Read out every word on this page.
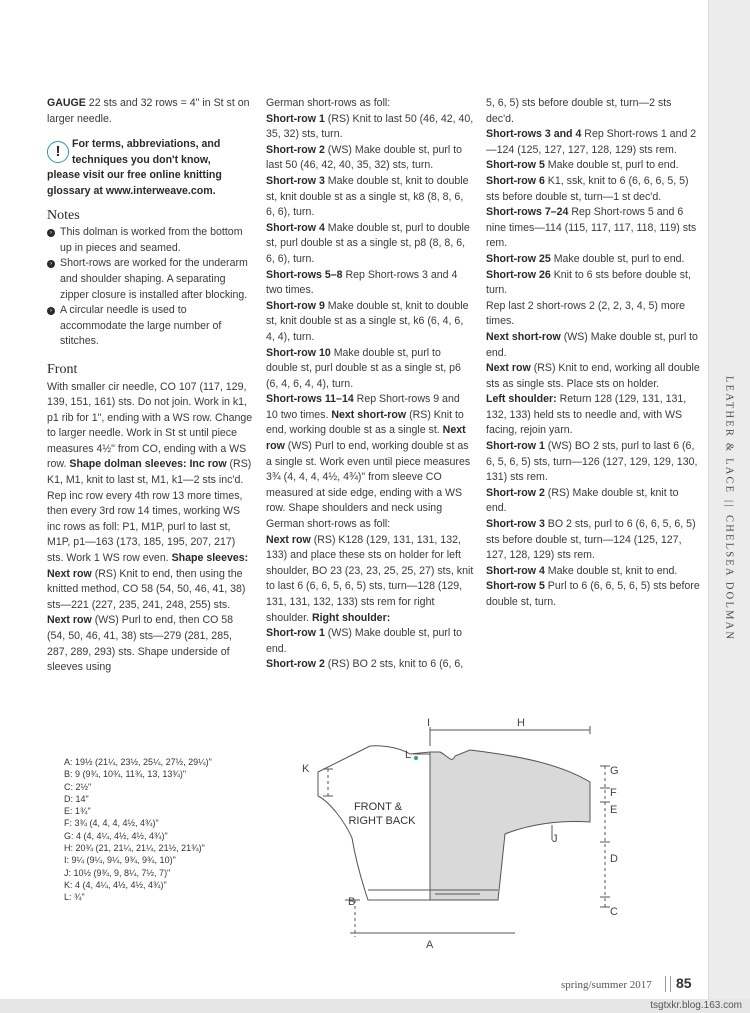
LEATHER & LACE
||
CHELSEA DOLMAN

GAUGE 22 sts and 32 rows = 4" in St st on larger needle.

!	For terms, abbreviations, and
techniques you don't know,
please visit our free online knitting glossary at www.interweave.com.
Notes
› This dolman is worked from the bottom up in pieces and seamed.
› Short-rows are worked for the underarm and shoulder shaping. A separating zipper closure is installed after blocking.
› A circular needle is used to accommodate the large number of stitches.
Front

With smaller cir needle, CO 107 (117, 129, 139, 151, 161) sts. Do not join. Work in k1, p1 rib for 1", ending with a WS row. Change to larger needle. Work in St st until piece measures 4½" from CO, ending with a WS row. Shape dolman sleeves: Inc row (RS) K1, M1, knit to last st, M1, k1—2 sts inc'd. Rep inc row every 4th row 13 more times, then every 3rd row 14 times, working WS inc rows as foll: P1, M1P, purl to last st, M1P, p1—163 (173, 185, 195, 207, 217) sts. Work 1 WS row even. Shape sleeves: Next row (RS) Knit to end, then using the knitted method, CO 58 (54, 50, 46, 41, 38) sts—221 (227, 235, 241, 248, 255) sts. Next row (WS) Purl to end, then CO 58 (54, 50, 46, 41, 38) sts—279 (281, 285, 287, 289, 293) sts. Shape underside of sleeves using

German short-rows as foll:

Short-row 1 (RS) Knit to last 50 (46, 42, 40, 35, 32) sts, turn.

Short-row 2 (WS) Make double st, purl to last 50 (46, 42, 40, 35, 32) sts, turn.

Short-row 3 Make double st, knit to double st, knit double st as a single st, k8 (8, 8, 6, 6, 6), turn.

Short-row 4 Make double st, purl to double st, purl double st as a single st, p8 (8, 8, 6, 6, 6), turn.

Short-rows 5–8 Rep Short-rows 3 and 4 two times.

Short-row 9 Make double st, knit to double st, knit double st as a single st, k6 (6, 4, 6, 4, 4), turn.

Short-row 10 Make double st, purl to double st, purl double st as a single st, p6 (6, 4, 6, 4, 4), turn.

Short-rows 11–14 Rep Short-rows 9 and 10 two times. Next short-row (RS) Knit to end, working double st as a single st. Next row (WS) Purl to end, working double st as a single st. Work even until piece measures 3¾ (4, 4, 4, 4½, 4¾)" from sleeve CO measured at side edge, ending with a WS row. Shape shoulders and neck using German short-rows as foll:

Next row (RS) K128 (129, 131, 131, 132, 133) and place these sts on holder for left shoulder, BO 23 (23, 23, 25, 25, 27) sts, knit to last 6 (6, 6, 5, 6, 5) sts, turn—128 (129, 131, 131, 132, 133) sts rem for right shoulder. Right shoulder:

Short-row 1 (WS) Make double st, purl to end.

Short-row 2 (RS) BO 2 sts, knit to 6 (6, 6,

5, 6, 5) sts before double st, turn—2 sts dec'd.

Short-rows 3 and 4 Rep Short-rows 1 and 2—124 (125, 127, 127, 128, 129) sts rem.

Short-row 5 Make double st, purl to end.

Short-row 6 K1, ssk, knit to 6 (6, 6, 6, 5, 5) sts before double st, turn—1 st dec'd.

Short-rows 7–24 Rep Short-rows 5 and 6 nine times—114 (115, 117, 117, 118, 119) sts rem.

Short-row 25 Make double st, purl to end.

Short-row 26 Knit to 6 sts before double st, turn.

Rep last 2 short-rows 2 (2, 2, 3, 4, 5) more times.

Next short-row (WS) Make double st, purl to end.

Next row (RS) Knit to end, working all double sts as single sts. Place sts on holder.

Left shoulder: Return 128 (129, 131, 131, 132, 133) held sts to needle and, with WS facing, rejoin yarn.

Short-row 1 (WS) BO 2 sts, purl to last 6 (6, 6, 5, 6, 5) sts, turn—126 (127, 129, 129, 130, 131) sts rem.

Short-row 2 (RS) Make double st, knit to end.

Short-row 3 BO 2 sts, purl to 6 (6, 6, 5, 6, 5) sts before double st, turn—124 (125, 127, 127, 128, 129) sts rem.

Short-row 4 Make double st, knit to end.

Short-row 5 Purl to 6 (6, 6, 5, 6, 5) sts before double st, turn.

A: 19½ (21¼, 23½, 25¼, 27½, 29¼)"
B: 9 (9¾, 10¾, 11¾, 13, 13¾)"
C: 2½"
D: 14"
E: 1¾"
F: 3¾ (4, 4, 4, 4½, 4¾)"
G: 4 (4, 4¼, 4½, 4½, 4¾)"
H: 20¾ (21, 21¼, 21¼, 21½, 21¾)"
I: 9¼ (9¼, 9¼, 9¾, 9¾, 10)"
J: 10½ (9¾, 9, 8¼, 7½, 7)"
K: 4 (4, 4¼, 4½, 4½, 4¾)"
L: ¾"
FRONT &
RIGHT BACK
I	H
L
K	G
F
E
J
D
B
C
A
spring/summer 2017 85
tsgtxkr.blog.163.com
